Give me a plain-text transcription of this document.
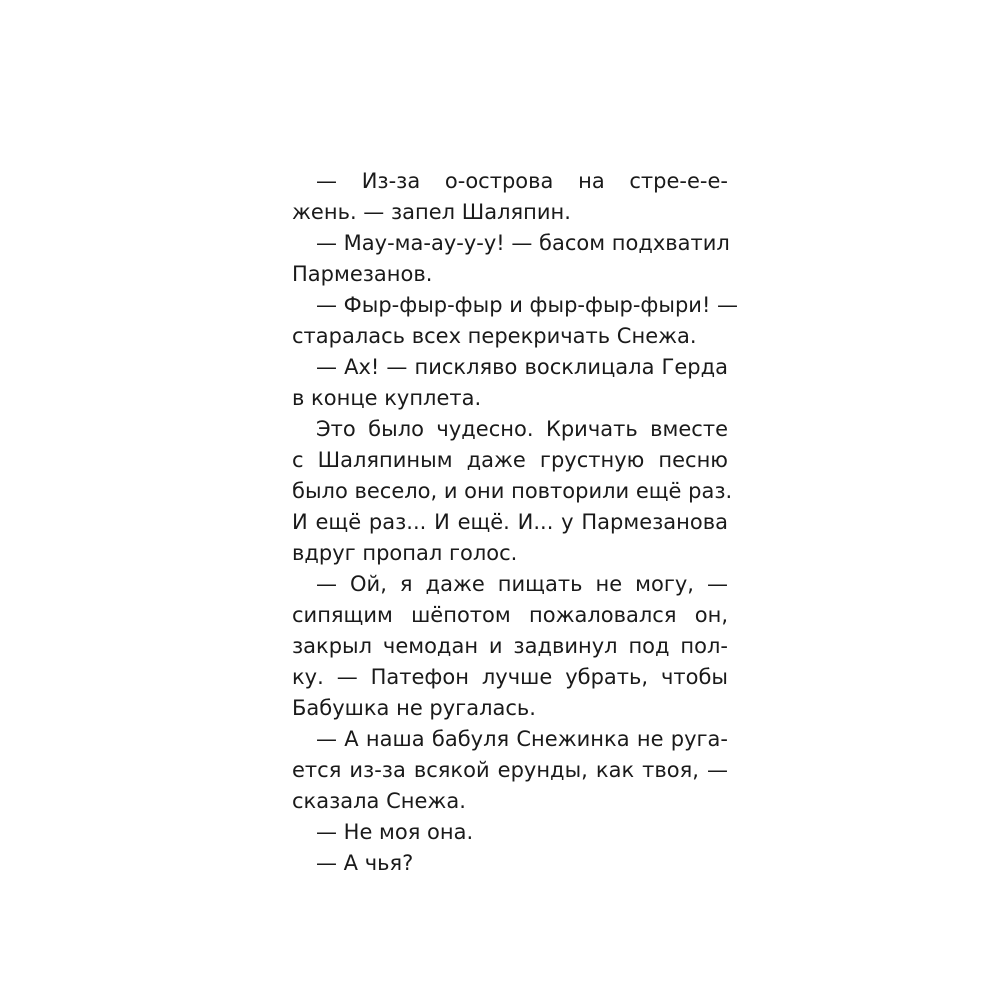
— Из-за о-острова на стре-е-е-
жень. — запел Шаляпин.
— Мау-ма-ау-у-у! — басом подхватил
Пармезанов.
— Фыр-фыр-фыр и фыр-фыр-фыри! —
старалась всех перекричать Снежа.
— Ах! — пискляво восклицала Герда
в конце куплета.
Это было чудесно. Кричать вместе
с Шаляпиным даже грустную песню
было весело, и они повторили ещё раз.
И ещё раз... И ещё. И... у Пармезанова
вдруг пропал голос.
— Ой, я даже пищать не могу, —
сипящим шёпотом пожаловался он,
закрыл чемодан и задвинул под пол-
ку. — Патефон лучше убрать, чтобы
Бабушка не ругалась.
— А наша бабуля Снежинка не руга-
ется из-за всякой ерунды, как твоя, —
сказала Снежа.
— Не моя она.
— А чья?
